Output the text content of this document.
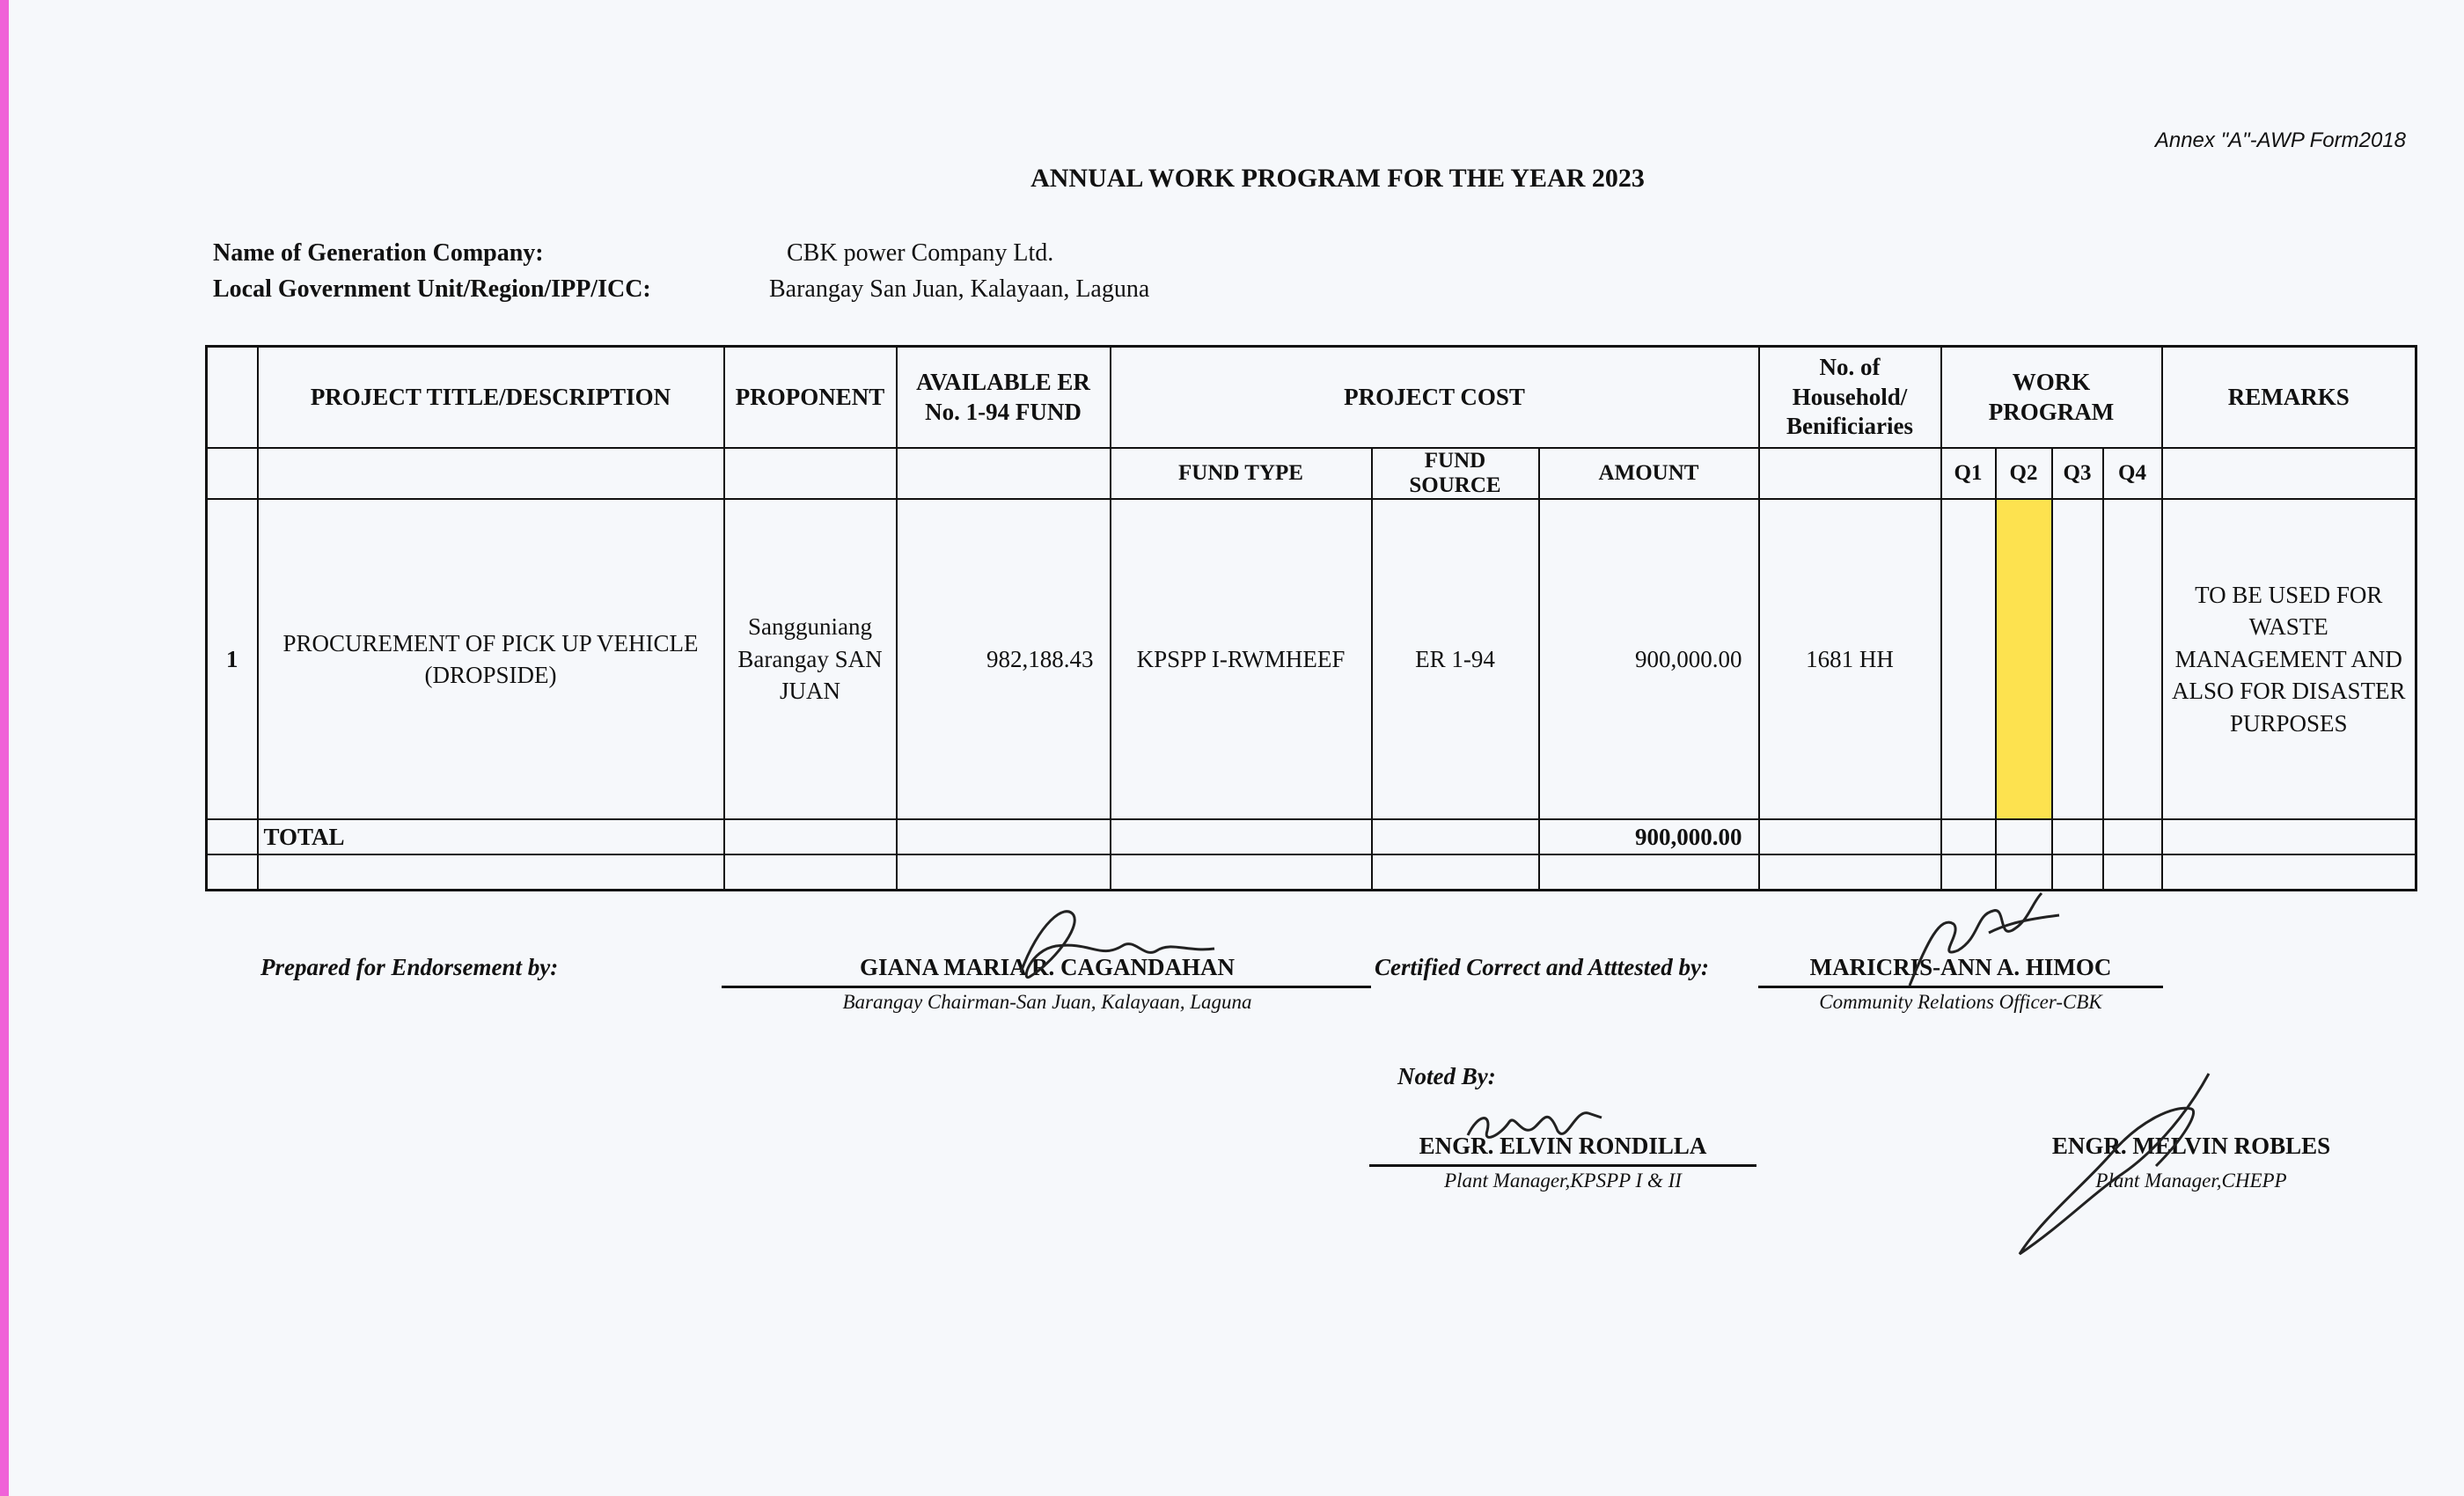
Annex "A"-AWP Form2018
ANNUAL WORK PROGRAM FOR THE YEAR 2023
Name of Generation Company:	CBK power Company Ltd.
Local Government Unit/Region/IPP/ICC:	Barangay San Juan, Kalayaan, Laguna
	PROJECT TITLE/DESCRIPTION	PROPONENT	AVAILABLE ER No. 1-94 FUND	PROJECT COST			No. of Household/ Benificiaries	WORK PROGRAM				REMARKS
				FUND TYPE	FUND SOURCE	AMOUNT		Q1	Q2	Q3	Q4	
1	PROCUREMENT OF PICK UP VEHICLE (DROPSIDE)	Sangguniang Barangay SAN JUAN	982,188.43	KPSPP I-RWMHEEF	ER 1-94	900,000.00	1681 HH					TO BE USED FOR WASTE MANAGEMENT AND ALSO FOR DISASTER PURPOSES
	TOTAL					900,000.00						

Prepared for Endorsement by:	GIANA MARIA R. CAGANDAHAN
Barangay Chairman-San Juan, Kalayaan, Laguna
Certified Correct and Atttested by:	MARICRIS-ANN A. HIMOC
Community Relations Officer-CBK
Noted By:
ENGR. ELVIN RONDILLA
Plant Manager,KPSPP I & II
ENGR. MELVIN ROBLES
Plant Manager,CHEPP
